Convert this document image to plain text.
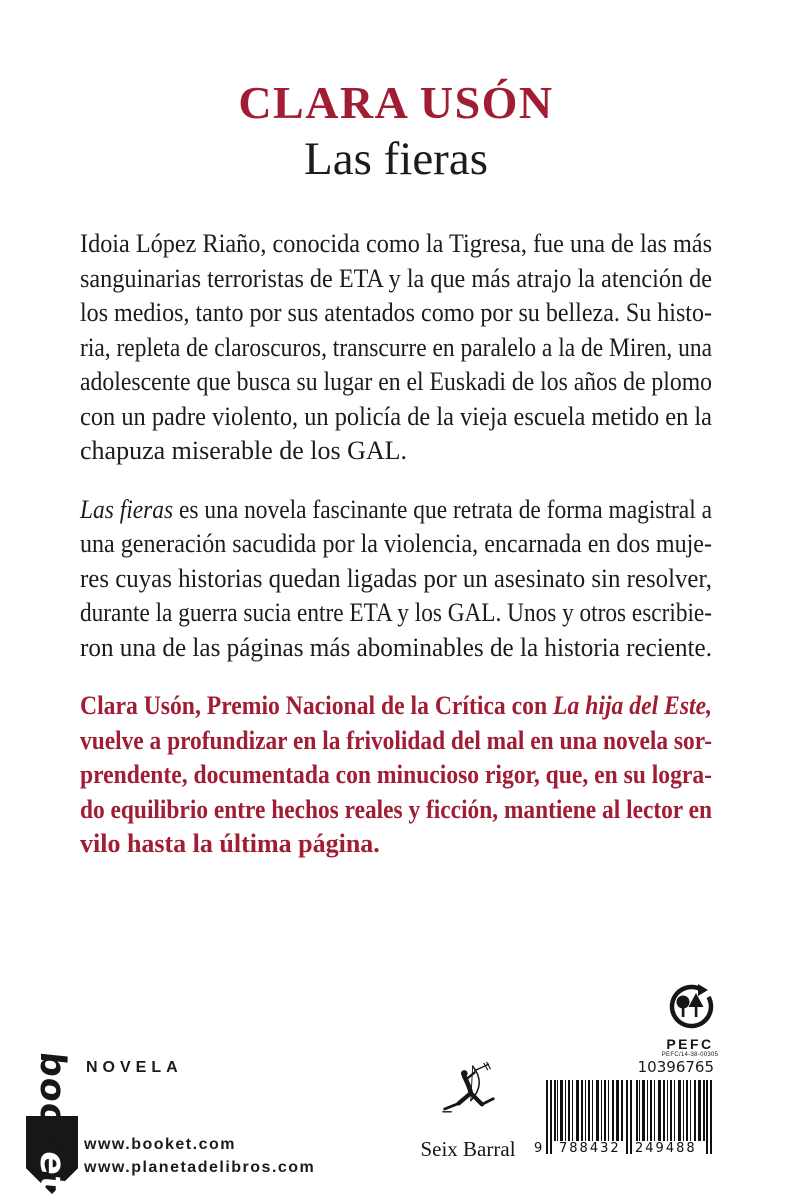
CLARA USÓN
Las fieras
Idoia López Riaño, conocida como la Tigresa, fue una de las más
sanguinarias terroristas de ETA y la que más atrajo la atención de
los medios, tanto por sus atentados como por su belleza. Su histo-
ria, repleta de claroscuros, transcurre en paralelo a la de Miren, una
adolescente que busca su lugar en el Euskadi de los años de plomo
con un padre violento, un policía de la vieja escuela metido en la
chapuza miserable de los GAL.
Las fieras es una novela fascinante que retrata de forma magistral a
una generación sacudida por la violencia, encarnada en dos muje-
res cuyas historias quedan ligadas por un asesinato sin resolver,
durante la guerra sucia entre ETA y los GAL. Unos y otros escribie-
ron una de las páginas más abominables de la historia reciente.
Clara Usón, Premio Nacional de la Crítica con La hija del Este,
vuelve a profundizar en la frivolidad del mal en una novela sor-
prendente, documentada con minucioso rigor, que, en su logra-
do equilibrio entre hechos reales y ficción, mantiene al lector en
vilo hasta la última página.
booket
NOVELA
www.booket.com
www.planetadelibros.com
Seix Barral
PEFC
PEFC/14-38-00305
10396765
9 788432 249488
